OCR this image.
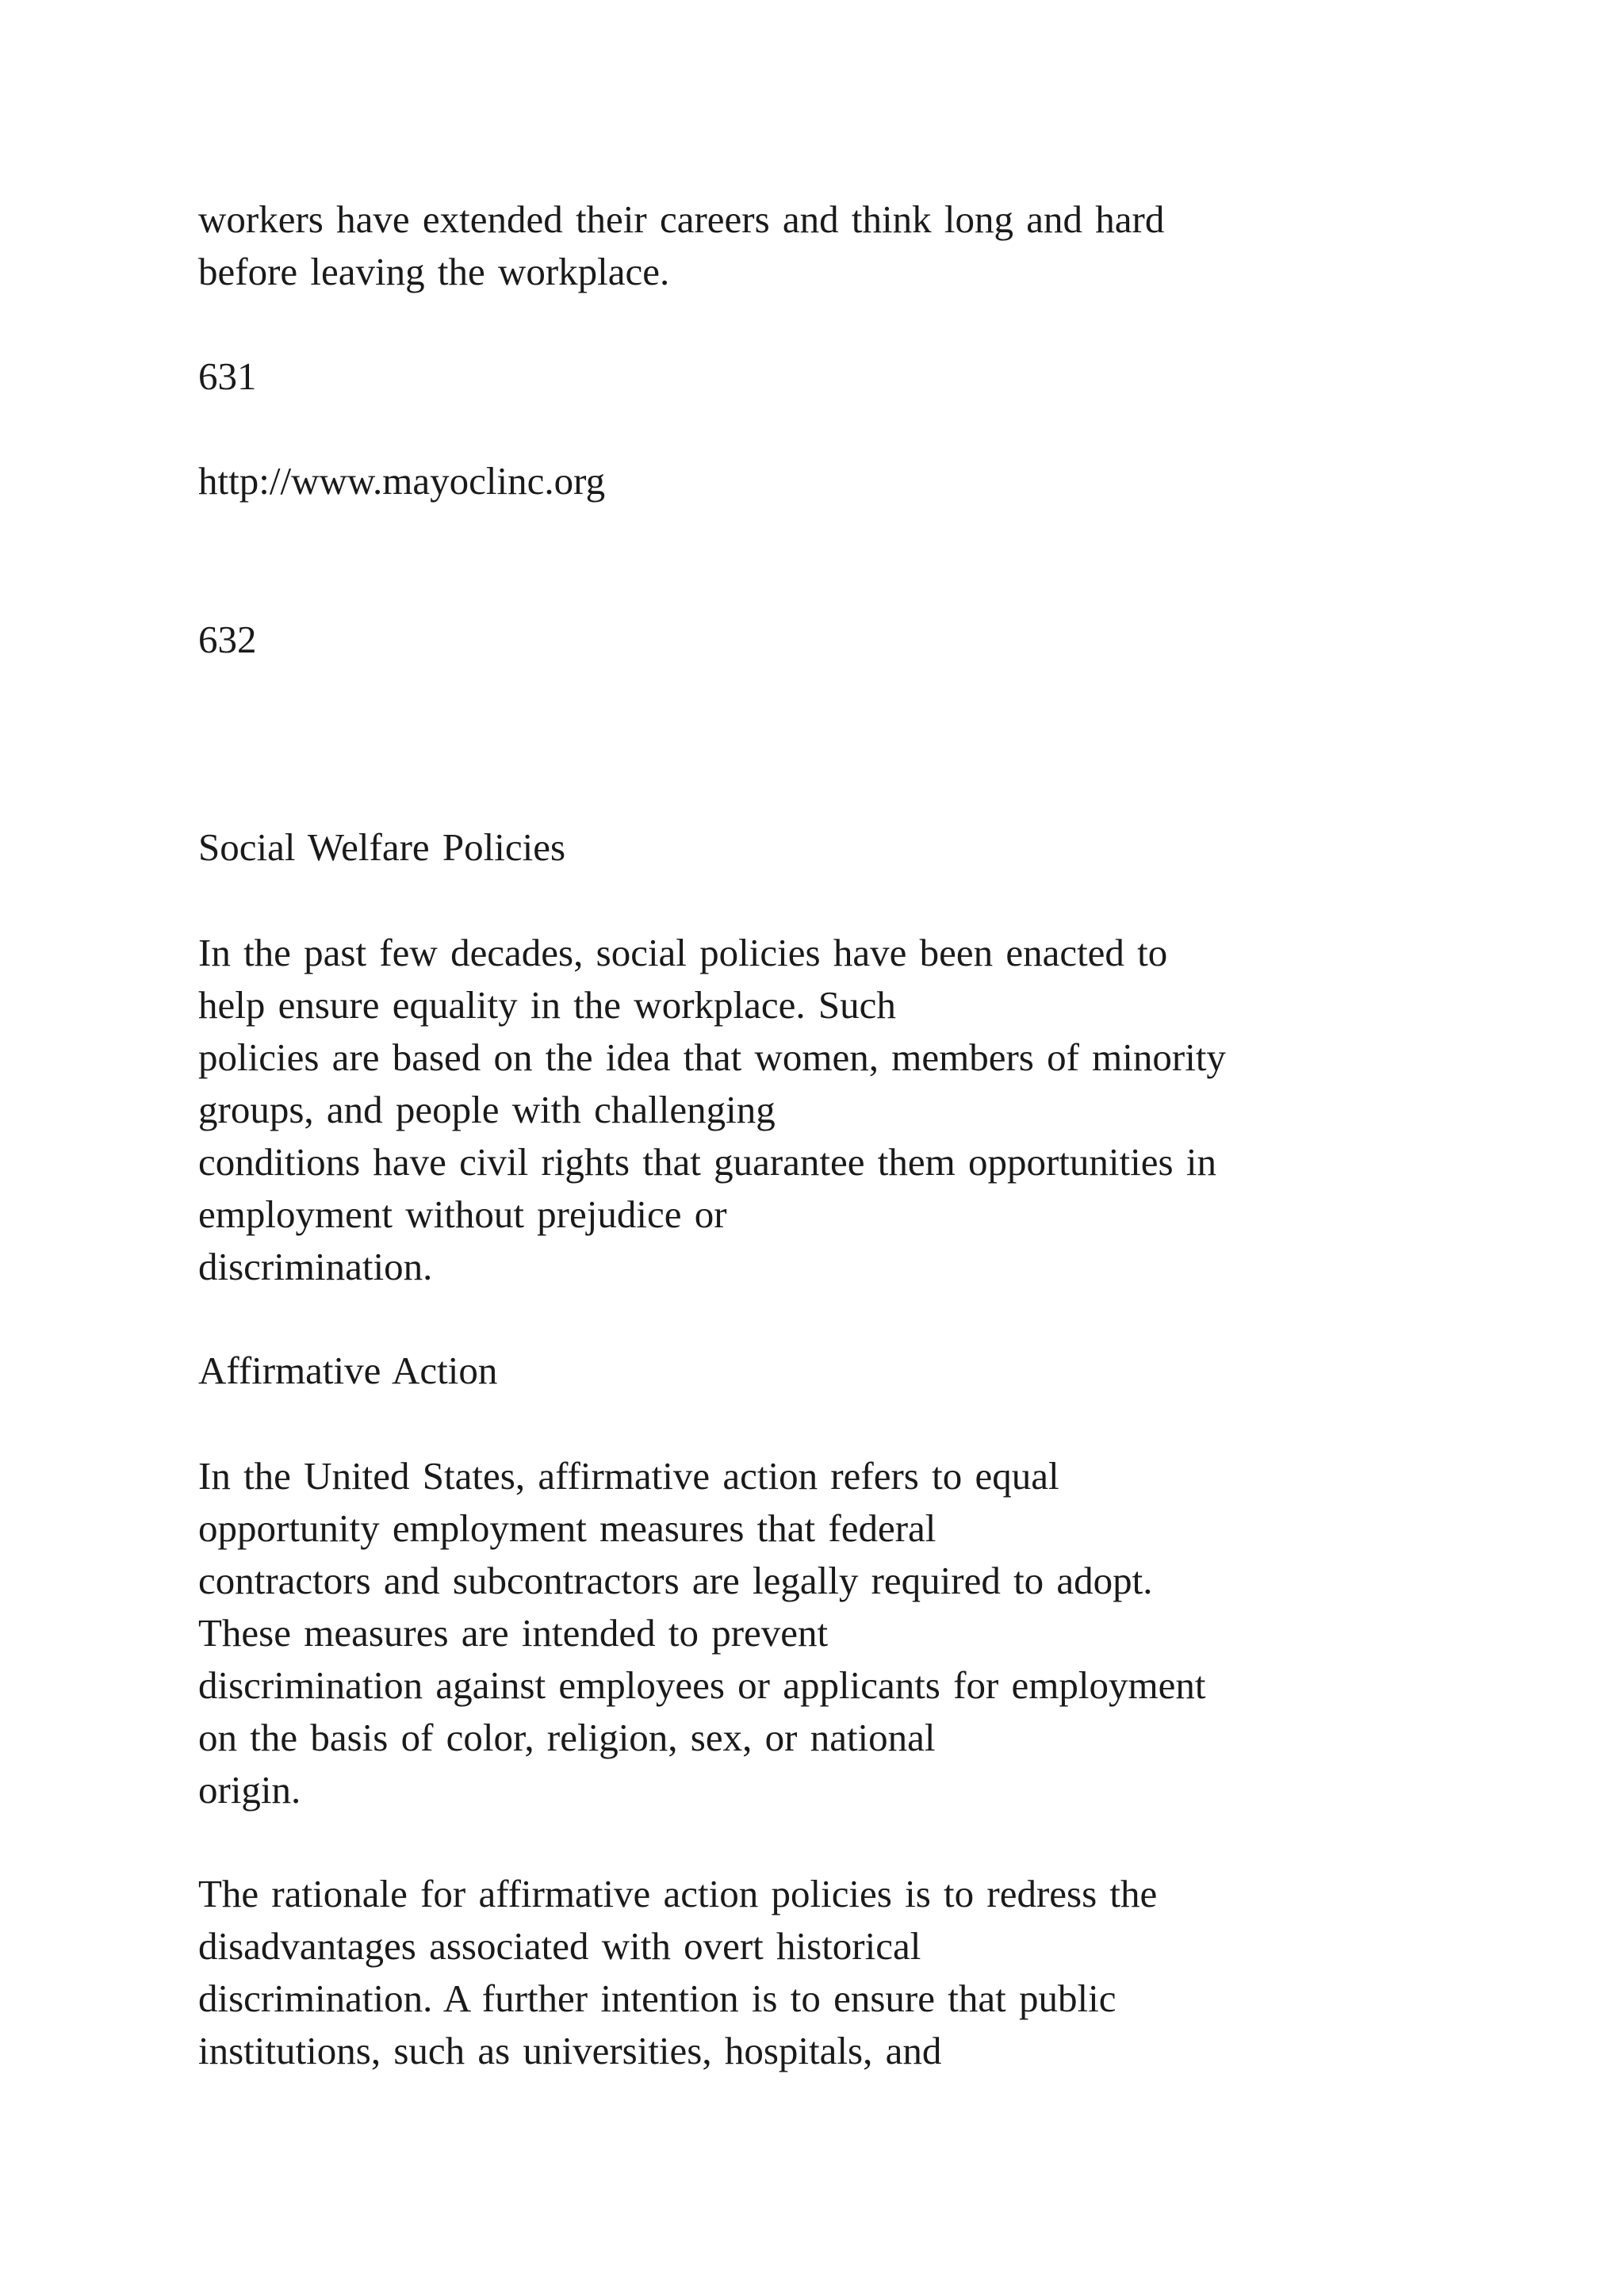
workers have extended their careers and think long and hard

before leaving the workplace.

631

http://www.mayoclinc.org

632

Social Welfare Policies

In the past few decades, social policies have been enacted to

help ensure equality in the workplace. Such

policies are based on the idea that women, members of minority

groups, and people with challenging

conditions have civil rights that guarantee them opportunities in

employment without prejudice or

discrimination.

Affirmative Action

In the United States, affirmative action refers to equal

opportunity employment measures that federal

contractors and subcontractors are legally required to adopt.

These measures are intended to prevent

discrimination against employees or applicants for employment

on the basis of color, religion, sex, or national

origin.

The rationale for affirmative action policies is to redress the

disadvantages associated with overt historical

discrimination. A further intention is to ensure that public

institutions, such as universities, hospitals, and
